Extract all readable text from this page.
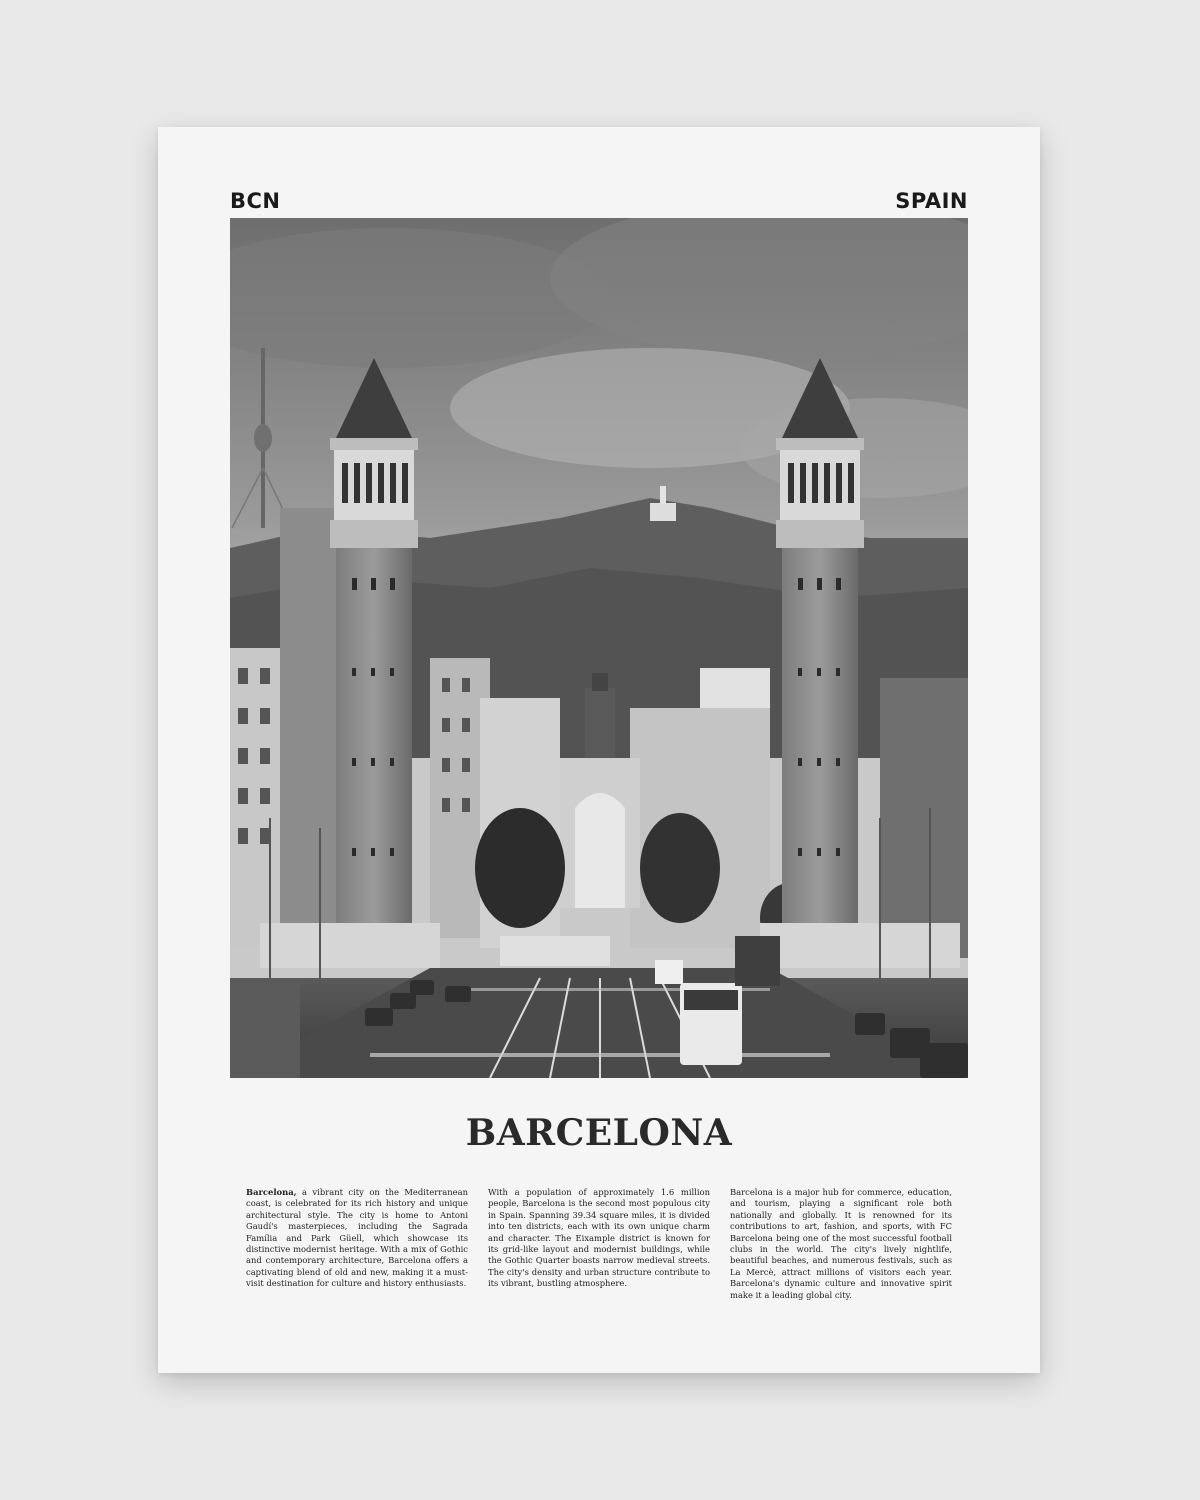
BCN	SPAIN
BARCELONA
Barcelona, a vibrant city on the Mediterranean coast, is celebrated for its rich history and unique architectural style. The city is home to Antoni Gaudí's masterpieces, including the Sagrada Família and Park Güell, which showcase its distinctive modernist heritage. With a mix of Gothic and contemporary architecture, Barcelona offers a captivating blend of old and new, making it a must-visit destination for culture and history enthusiasts.
With a population of approximately 1.6 million people, Barcelona is the second most populous city in Spain. Spanning 39.34 square miles, it is divided into ten districts, each with its own unique charm and character. The Eixample district is known for its grid-like layout and modernist buildings, while the Gothic Quarter boasts narrow medieval streets. The city's density and urban structure contribute to its vibrant, bustling atmosphere.
Barcelona is a major hub for commerce, education, and tourism, playing a significant role both nationally and globally. It is renowned for its contributions to art, fashion, and sports, with FC Barcelona being one of the most successful football clubs in the world. The city's lively nightlife, beautiful beaches, and numerous festivals, such as La Mercè, attract millions of visitors each year. Barcelona's dynamic culture and innovative spirit make it a leading global city.
